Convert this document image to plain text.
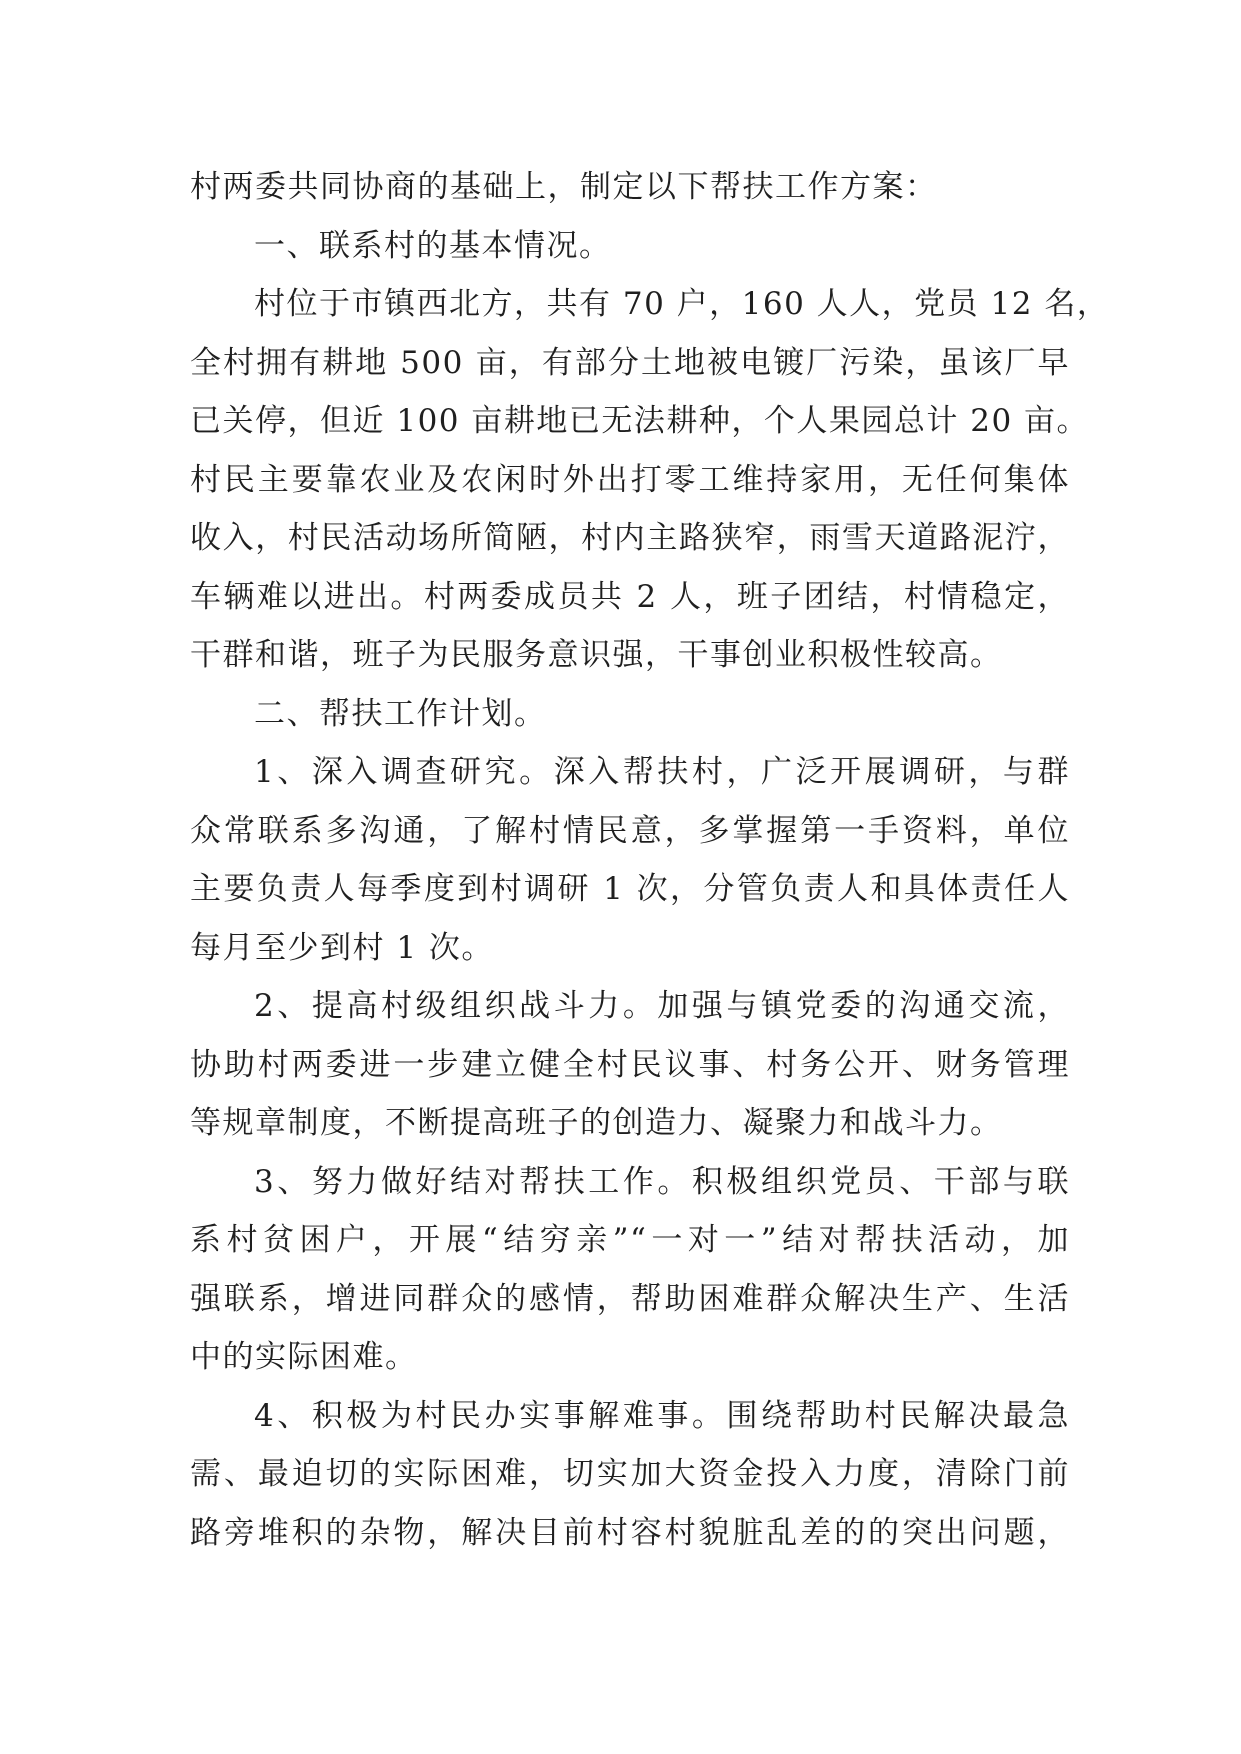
村两委共同协商的基础上，制定以下帮扶工作方案：
一、联系村的基本情况。
村位于市镇西北方，共有 70 户，160 人人，党员 12 名，
全村拥有耕地 500 亩，有部分土地被电镀厂污染，虽该厂早
已关停，但近 100 亩耕地已无法耕种，个人果园总计 20 亩。
村民主要靠农业及农闲时外出打零工维持家用，无任何集体
收入，村民活动场所简陋，村内主路狭窄，雨雪天道路泥泞，
车辆难以进出。村两委成员共 2 人，班子团结，村情稳定，
干群和谐，班子为民服务意识强，干事创业积极性较高。
二、帮扶工作计划。
1、深入调查研究。深入帮扶村，广泛开展调研，与群
众常联系多沟通，了解村情民意，多掌握第一手资料，单位
主要负责人每季度到村调研 1 次，分管负责人和具体责任人
每月至少到村 1 次。
2、提高村级组织战斗力。加强与镇党委的沟通交流，
协助村两委进一步建立健全村民议事、村务公开、财务管理
等规章制度，不断提高班子的创造力、凝聚力和战斗力。
3、努力做好结对帮扶工作。积极组织党员、干部与联
系村贫困户，开展“结穷亲”“一对一”结对帮扶活动，加
强联系，增进同群众的感情，帮助困难群众解决生产、生活
中的实际困难。
4、积极为村民办实事解难事。围绕帮助村民解决最急
需、最迫切的实际困难，切实加大资金投入力度，清除门前
路旁堆积的杂物，解决目前村容村貌脏乱差的的突出问题，
